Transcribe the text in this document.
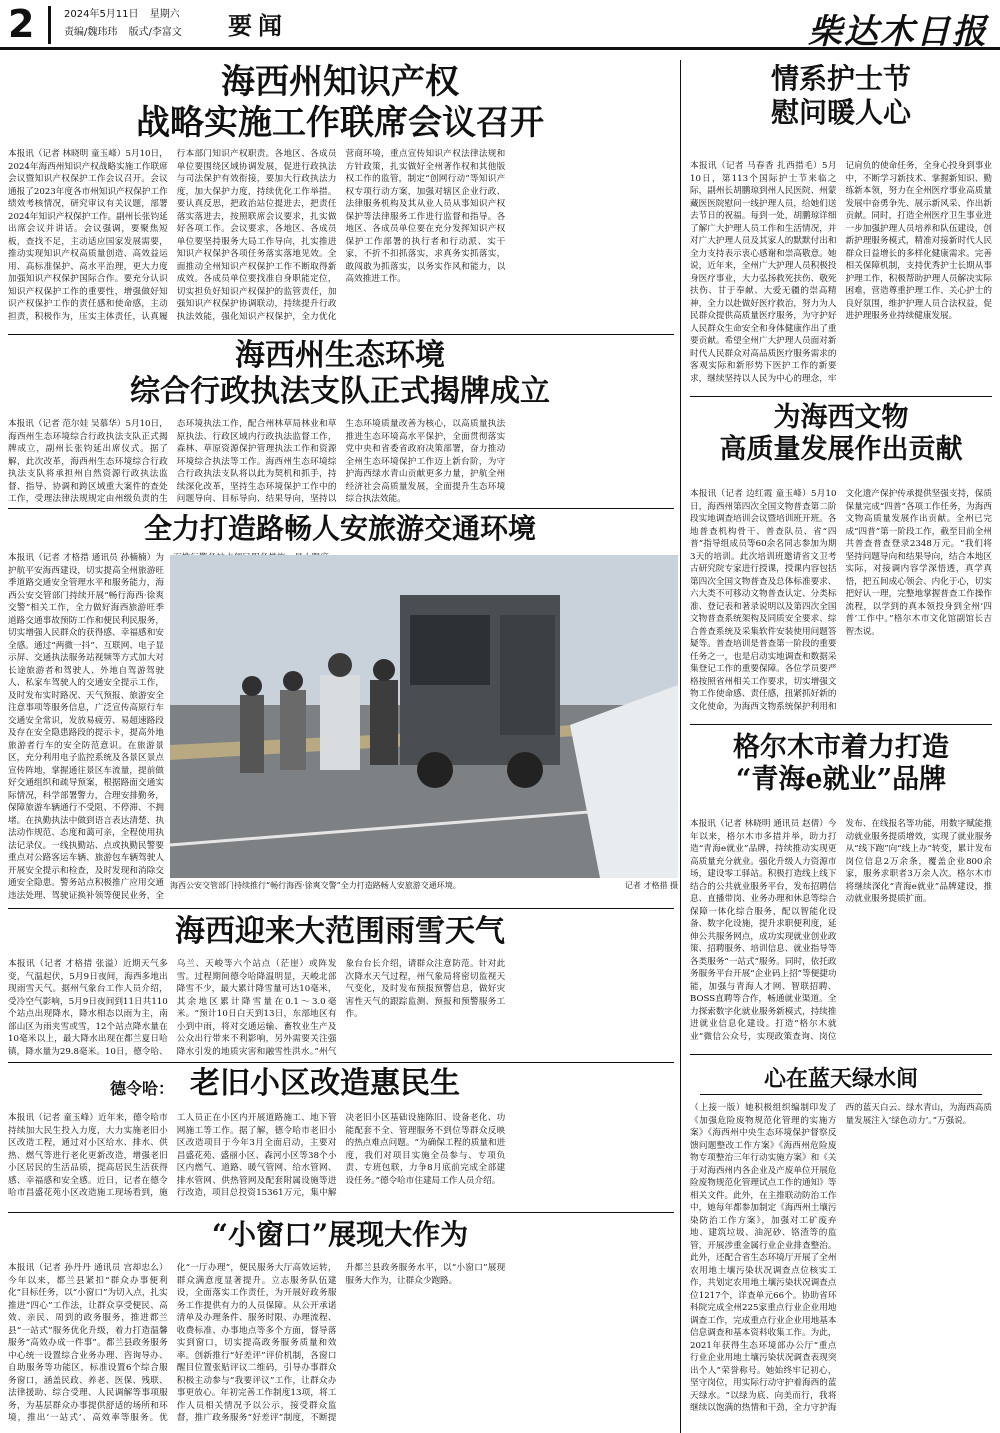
2	2024年5月11日 星期六
责编/魏玮玮 版式/李富文	要闻	柴达木日报
海西州知识产权
战略实施工作联席会议召开
本报讯（记者 林晓明 童玉峰）5月10日，2024年海西州知识产权战略实施工作联席会议暨知识产权保护工作会议召开。会议通报了2023年度各市州知识产权保护工作绩效考核情况，研究审议有关议题，部署2024年知识产权保护工作。副州长张钧延出席会议并讲话。会议强调，要聚焦短板，查找不足，主动适应国家发展需要，推动实现知识产权高质量创造、高效益运用、高标准保护、高水平治理，更大力度加强知识产权保护国际合作。要充分认识知识产权保护工作的重要性，增强做好知识产权保护工作的责任感和使命感，主动担责，积极作为，压实主体责任，认真履行本部门知识产权职责。各地区、各成员单位要围绕区域协调发展，促进行政执法与司法保护有效衔接，要加大行政执法力度，加大保护力度，持续优化工作举措。要认真反思，把政治站位提进去，把责任落实落进去，按照联席会议要求，扎实做好各项工作。会议要求，各地区、各成员单位要坚持服务大局工作导向，扎实推进知识产权保护各项任务落实落地见效。全面推动全州知识产权保护工作不断取得新成效。各成员单位要找准自身职能定位，切实担负好知识产权保护的监管责任，加强知识产权保护协调联动，持续提升行政执法效能，强化知识产权保护，全力优化营商环境，重点宣传知识产权法律法规和方针政策，扎实做好全州著作权和其他版权工作的监管，制定“创网行动”等知识产权专项行动方案，加强对辖区企业行政、法律服务机构及其从业人员从事知识产权保护等法律服务工作进行监督和指导。各地区、各成员单位要在充分发挥知识产权保护工作部署的执行者和行动派、实干家，不折不扣抓落实，求真务实抓落实，敢闯敢为抓落实，以务实作风和能力，以高效推进工作。
海西州生态环境
综合行政执法支队正式揭牌成立
本报讯（记者 范尔娃 吴慕华）5月10日，海西州生态环境综合行政执法支队正式揭牌成立，副州长张钧延出席仪式。据了解，此次改革，海西州生态环境综合行政执法支队将承担州自然资源行政执法监督、指导、协调和跨区域重大案件的查处工作，受理法律法规规定由州级负责的生态环境执法工作，配合州林草局林业和草原执法、行政区域内行政执法监督工作，森林、草原资源保护管理执法工作和资源环境综合执法等工作。海西州生态环境综合行政执法支队将以此为契机和抓手，持续深化改革，坚持生态环境保护工作中的问题导向、目标导向、结果导向，坚持以生态环境质量改善为核心，以高质量执法推进生态环境高水平保护，全面贯彻落实党中央和省委省政府决策部署，奋力推动全州生态环境保护工作迈上新台阶，为守护海西绿水青山贡献更多力量，护航全州经济社会高质量发展，全面提升生态环境综合执法效能。
全力打造路畅人安旅游交通环境
本报讯（记者 才格措 通讯员 孙楠楠）为护航平安海西建设，切实提高全州旅游旺季道路交通安全管理水平和服务能力，海西公安交管部门持续开展“畅行海西·徐爽交警”相关工作，全力做好海西旅游旺季道路交通事故预防工作和便民利民服务，切实增强人民群众的获得感、幸福感和安全感。通过“两微一抖”、互联网、电子显示屏、交通执法服务站视频等方式加大对长途旅游者和驾驶人、外地自驾游驾驶人、私家车驾驶人的交通安全提示工作，及时发布实时路况、天气预报、旅游安全注意事项等服务信息，广泛宣传高原行车交通安全常识，发放易疲劳、易超速路段及存在安全隐患路段的提示卡，提高外地旅游者行车的安全防范意识。在旅游景区，充分利用电子监控系统及各景区景点宣传阵地，掌握通往景区车流量，提前做好交通组织和疏导预案，根据路面交通实际情况，科学部署警力，合理安排勤务，保障旅游车辆通行不受阻、不停滞、不拥堵。在执勤执法中做到语言表达清楚、执法动作规范、态度和蔼可亲，全程使用执法记录仪。一线执勤站、点或执勤民警要重点对公路客运车辆、旅游包车辆驾驶人开展安全提示和检查，及时发现和消除交通安全隐患。警务站点积极推广应用交通违法处理、驾驶证换补领等便民业务，全
海西公安交管部门持续推行“畅行海西·徐爽交警”全力打造路畅人安旅游交通环境。	记者 才格措 摄
海西迎来大范围雨雪天气
本报讯（记者 才格措 张溢）近期天气多变，气温起伏，5月9日夜间，海西多地出现雨雪天气。据州气象台工作人员介绍，受冷空气影响，5月9日夜间到11日共110个站点出现降水，降水相态以雨为主，南部山区为雨夹雪或雪，12个站点降水量在10毫米以上，最大降水出现在都兰夏日哈镇，降水量为29.8毫米。10日，德令哈、乌兰、天峻等六个站点（茫崖）或阵发雪。过程期间德令哈降温明显，天峻北部降雪不少，最大累计降雪量可达10毫米，其余地区累计降雪量在0.1～3.0毫米。“预计10日白天到13日，东部地区有小到中雨，将对交通运输、畜牧业生产及公众出行带来不利影响，另外需要关注强降水引发的地质灾害和融雪性洪水。”州气象台台长介绍，请群众注意防范。针对此次降水天气过程，州气象局将密切监视天气变化，及时发布预报预警信息，做好灾害性天气的跟踪监测、预报和预警服务工作。
德令哈： 老旧小区改造惠民生
本报讯（记者 童玉峰）近年来，德令哈市持续加大民生投入力度，大力实施老旧小区改造工程，通过对小区给水、排水、供热、燃气等进行老化更新改造，增强老旧小区居民的生活品质，提高居民生活获得感、幸福感和安全感。近日，记者在德令哈市昌盛花苑小区改造施工现场看到，施工人员正在小区内开展道路施工、地下管网施工等工作。据了解，德令哈市老旧小区改造项目于今年3月全面启动，主要对昌盛花苑、盛丽小区、森河小区等38个小区内燃气、道路、暖气管网、给水管网、排水管网、供热管网及配套附属设施等进行改造，项目总投资15361万元，集中解决老旧小区基础设施陈旧、设备老化、功能配套不全、管理服务不到位等群众反映的热点难点问题。“为确保工程的质量和进度，我们对项目实施全员参与、专项负责、专班包联，力争8月底前完成全部建设任务。”德令哈市住建局工作人员介绍。
“小窗口”展现大作为
本报讯（记者 孙丹丹 通讯员 宫却忠么）今年以来，都兰县紧扣“群众办事便利化”目标任务，以“小窗口”为切入点，扎实推进“四心”工作法，让群众享受便民、高效、亲民、周到的政务服务，推进都兰县“一站式”服务优化升级，着力打造温馨服务“高效办成一件事”。都兰县政务服务中心统一设置综合业务办理、咨询导办、自助服务等功能区，标准设置6个综合服务窗口，涵盖民政、养老、医保、残联、法律援助、综合受理、人民调解等事项服务，为基层群众办事提供舒适的场所和环境，推出‘一站式’、高效率等服务。优化“一厅办理”，便民服务大厅高效运转，群众满意度显著提升。立志服务队伍建设，全面落实工作责任，为开展好政务服务工作提供有力的人员保障。从公开承诺清单及办理条件、服务时限、办理流程、收费标准、办事地点等多个方面，督导落实到窗口，切实提高政务服务质量和效率。创新推行“好差评”评价机制，各窗口醒目位置张贴评议二维码，引导办事群众积极主动参与“我要评议”工作，让群众办事更放心。年初完善工作制度13项，将工作人员相关情况予以公示，接受群众监督，推广政务服务“好差评”制度，不断提升都兰县政务服务水平，以“小窗口”展现服务大作为，让群众少跑路。
情系护士节
慰问暖人心
本报讯（记者 马春香 扎西措毛）5月10日，第113个国际护士节来临之际，副州长胡鹏琼到州人民医院、州蒙藏医医院慰问一线护理人员，给她们送去节日的祝福。每到一处，胡鹏琼详细了解广大护理人员工作和生活情况，并对广大护理人员及其家人的默默付出和全力支持表示衷心感谢和崇高敬意。她说，近年来，全州广大护理人员积极投身医疗事业，大力弘扬救死扶伤、敬死扶伤、甘于奉献、大爱无疆的崇高精神，全力以赴做好医疗救治，努力为人民群众提供高质量医疗服务，为守护好人民群众生命安全和身体健康作出了重要贡献。希望全州广大护理人员面对新时代人民群众对高品质医疗服务需求的客观实际和新形势下医护工作的新要求，继续坚持以人民为中心的理念，牢记肩负的使命任务，全身心投身到事业中，不断学习新技术、掌握新知识、勤练新本领，努力在全州医疗事业高质量发展中奋勇争先、展示新风采、作出新贡献。同时，打造全州医疗卫生事业进一步加强护理人员培养和队伍建设，创新护理服务模式，精准对接新时代人民群众日益增长的多样化健康需求。完善相关保障机制，支持优秀护士长期从事护理工作，积极帮助护理人员解决实际困难，营造尊重护理工作、关心护士的良好氛围，维护护理人员合法权益，促进护理服务业持续健康发展。
为海西文物
高质量发展作出贡献
本报讯（记者 边红霞 童玉峰）5月10日，海西州第四次全国文物普查第二阶段实地调查培训会议暨培训班开班。各地普查机构骨干、普查队员、省“四普”指导组成员等60余名同志参加为期3天的培训。此次培训班邀请省文卫考古研究院专家进行授课，授课内容包括第四次全国文物普查及总体标准要求、六大类不可移动文物普查认定、分类标准、登记表和著录说明以及第四次全国文物普查系统架构及同质安全要求、综合普查系统及采集软件安装使用问题答疑等。普查培训是普查第一阶段的重要任务之一，也是启动实地调查和数据采集登记工作的重要保障。各位学员要严格按照省州相关工作要求，切实增强文物工作使命感、责任感，扭紧抓好新的文化使命，为海西文物系统保护利用和文化遗产保护传承提供坚强支持，保质保量完成“四普”各项工作任务，为海西文物高质量发展作出贡献。全州已完成“四普”第一阶段工作，截至目前全州共普查普查登录2348万元。“我们将坚持问题导向和结果导向，结合本地区实际，对接调内容学深悟透，真学真悟，把五间成心领会、内化于心，切实把好认一理，完整地掌握普查工作操作流程，以学到的真本领投身到全州‘四普’工作中。”格尔木市文化馆副馆长吉智杰说。
格尔木市着力打造
“青海e就业”品牌
本报讯（记者 林晓明 通讯员 赵倩）今年以来，格尔木市多措并举，助力打造“青海e就业”品牌，持续推动实现更高质量充分就业。强化升级人力资源市场，建设零工驿站。积极打造线上线下结合的公共就业服务平台，发布招聘信息、直播带岗、业务办理和休息等综合保障一体化综合服务，配以智能化设备、数字化设施，提升求职便利度，延伸公共服务网点，成功实现就业创业政策、招聘服务、培训信息、就业指导等各类服务“一站式”服务。同时，依托政务服务平台开展“企业码上招”等便捷功能，加强与青海人才网、智联招聘、BOSS直聘等合作，畅通就业渠道。全力探索数字化就业服务新模式，持续推进就业信息化建设。打造“格尔木就业”微信公众号，实现政策查询、岗位发布、在线报名等功能，用数字赋能推动就业服务提质增效，实现了就业服务从“线下跑”向“线上办”转变，累计发布岗位信息2万余条，覆盖企业800余家，服务求职者3万余人次。格尔木市将继续深化“青海e就业”品牌建设，推动就业服务提质扩面。
心在蓝天绿水间
（上接一版）她积极组织编制印发了《加强危险废物规范化管理的实施方案》《海西州中央生态环境保护督察反馈问题整改工作方案》《海西州危险废物专项整治三年行动实施方案》和《关于对海西州内各企业及产废单位开展危险废物规范化管理试点工作的通知》等相关文件。此外，在主推联动防治工作中，她每年都参加制定《海西州土壤污染防治工作方案》，加强对工矿废弃地、建筑垃圾、油泥砂、铬渣等的监管，开展涉重金属行业企业排查整治。此外，还配合省生态环境厅开展了全州农用地土壤污染状况调查点位核实工作，共划定农用地土壤污染状况调查点位1217个，详查单元66个。协助省环科院完成全州225家重点行业企业用地调查工作，完成重点行业企业用地基本信息调查和基本资料收集工作。为此，2021年获得生态环境部办公厅“重点行业企业用地土壤污染状况调查表现突出个人”荣誉称号。她始终牢记初心，坚守岗位，用实际行动守护着海西的蓝天绿水。“以绿为底、向美而行，我将继续以饱满的热情和干劲，全力守护海西的蓝天白云、绿水青山，为海西高质量发展注入‘绿色动力’。”万强说。
